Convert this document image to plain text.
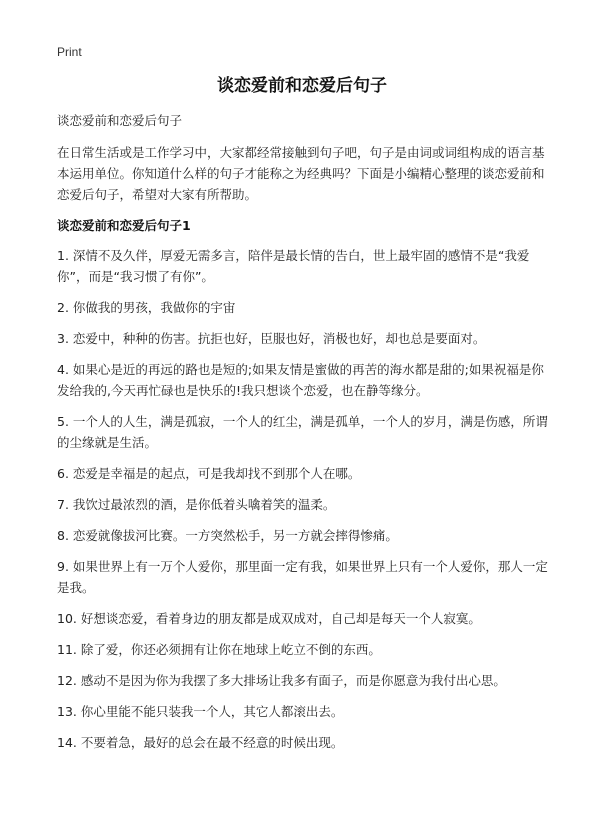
Print
谈恋爱前和恋爱后句子
谈恋爱前和恋爱后句子

在日常生活或是工作学习中，大家都经常接触到句子吧，句子是由词或词组构成的语言基本运用单位。你知道什么样的句子才能称之为经典吗？下面是小编精心整理的谈恋爱前和恋爱后句子，希望对大家有所帮助。

谈恋爱前和恋爱后句子1
1. 深情不及久伴，厚爱无需多言，陪伴是最长情的告白，世上最牢固的感情不是“我爱你”，而是“我习惯了有你”。
2. 你做我的男孩，我做你的宇宙
3. 恋爱中，种种的伤害。抗拒也好，臣服也好，消极也好，却也总是要面对。
4. 如果心是近的再远的路也是短的;如果友情是蜜做的再苦的海水都是甜的;如果祝福是你发给我的,今天再忙碌也是快乐的!我只想谈个恋爱，也在静等缘分。
5. 一个人的人生，满是孤寂，一个人的红尘，满是孤单，一个人的岁月，满是伤感，所谓的尘缘就是生活。
6. 恋爱是幸福是的起点，可是我却找不到那个人在哪。
7. 我饮过最浓烈的酒，是你低着头噙着笑的温柔。
8. 恋爱就像拔河比赛。一方突然松手，另一方就会摔得惨痛。
9. 如果世界上有一万个人爱你，那里面一定有我，如果世界上只有一个人爱你，那人一定是我。
10. 好想谈恋爱，看着身边的朋友都是成双成对，自己却是每天一个人寂寞。
11. 除了爱，你还必须拥有让你在地球上屹立不倒的东西。
12. 感动不是因为你为我摆了多大排场让我多有面子，而是你愿意为我付出心思。
13. 你心里能不能只装我一个人，其它人都滚出去。
14. 不要着急，最好的总会在最不经意的时候出现。
